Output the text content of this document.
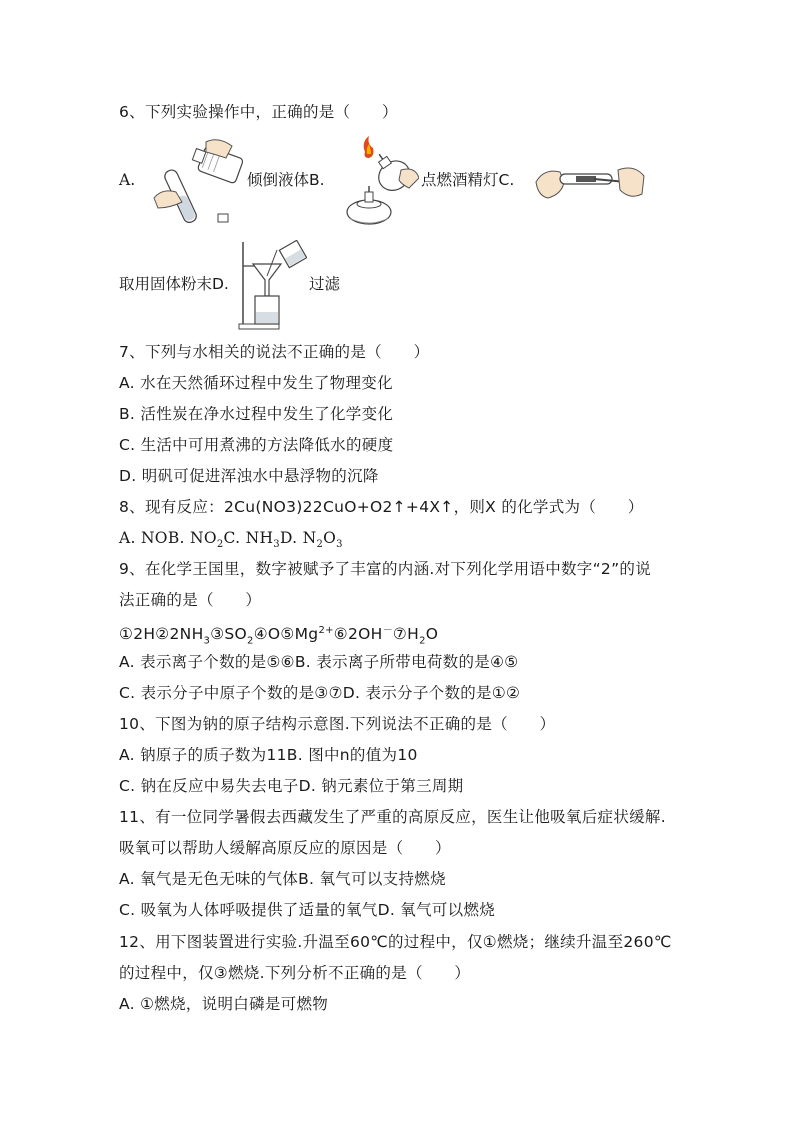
6、下列实验操作中，正确的是（　　）
A.	倾倒液体B.	点燃酒精灯C.
取用固体粉末D.	过滤
7、下列与水相关的说法不正确的是（　　）
A. 水在天然循环过程中发生了物理变化
B. 活性炭在净水过程中发生了化学变化
C. 生活中可用煮沸的方法降低水的硬度
D. 明矾可促进浑浊水中悬浮物的沉降
8、现有反应：2Cu(NO3)22CuO+O2↑+4X↑，则X 的化学式为（　　）
A. NOB. $NO_2C$. $NH_3D$. $N_2O_3$
9、在化学王国里，数字被赋予了丰富的内涵.对下列化学用语中数字“2”的说
法正确的是（　　）
$①2H②2NH_3③SO_2④O⑤Mg^{2+}⑥2OH^-⑦H_2O$
A. 表示离子个数的是⑤⑥B. 表示离子所带电荷数的是④⑤
C. 表示分子中原子个数的是③⑦D. 表示分子个数的是①②
10、下图为钠的原子结构示意图.下列说法不正确的是（　　）
A. 钠原子的质子数为11B. 图中n的值为10
C. 钠在反应中易失去电子D. 钠元素位于第三周期
11、有一位同学暑假去西藏发生了严重的高原反应，医生让他吸氧后症状缓解.
吸氧可以帮助人缓解高原反应的原因是（　　）
A. 氧气是无色无味的气体B. 氧气可以支持燃烧
C. 吸氧为人体呼吸提供了适量的氧气D. 氧气可以燃烧
12、用下图装置进行实验.升温至60℃的过程中，仅①燃烧；继续升温至260℃
的过程中，仅③燃烧.下列分析不正确的是（　　）
A. ①燃烧，说明白磷是可燃物
